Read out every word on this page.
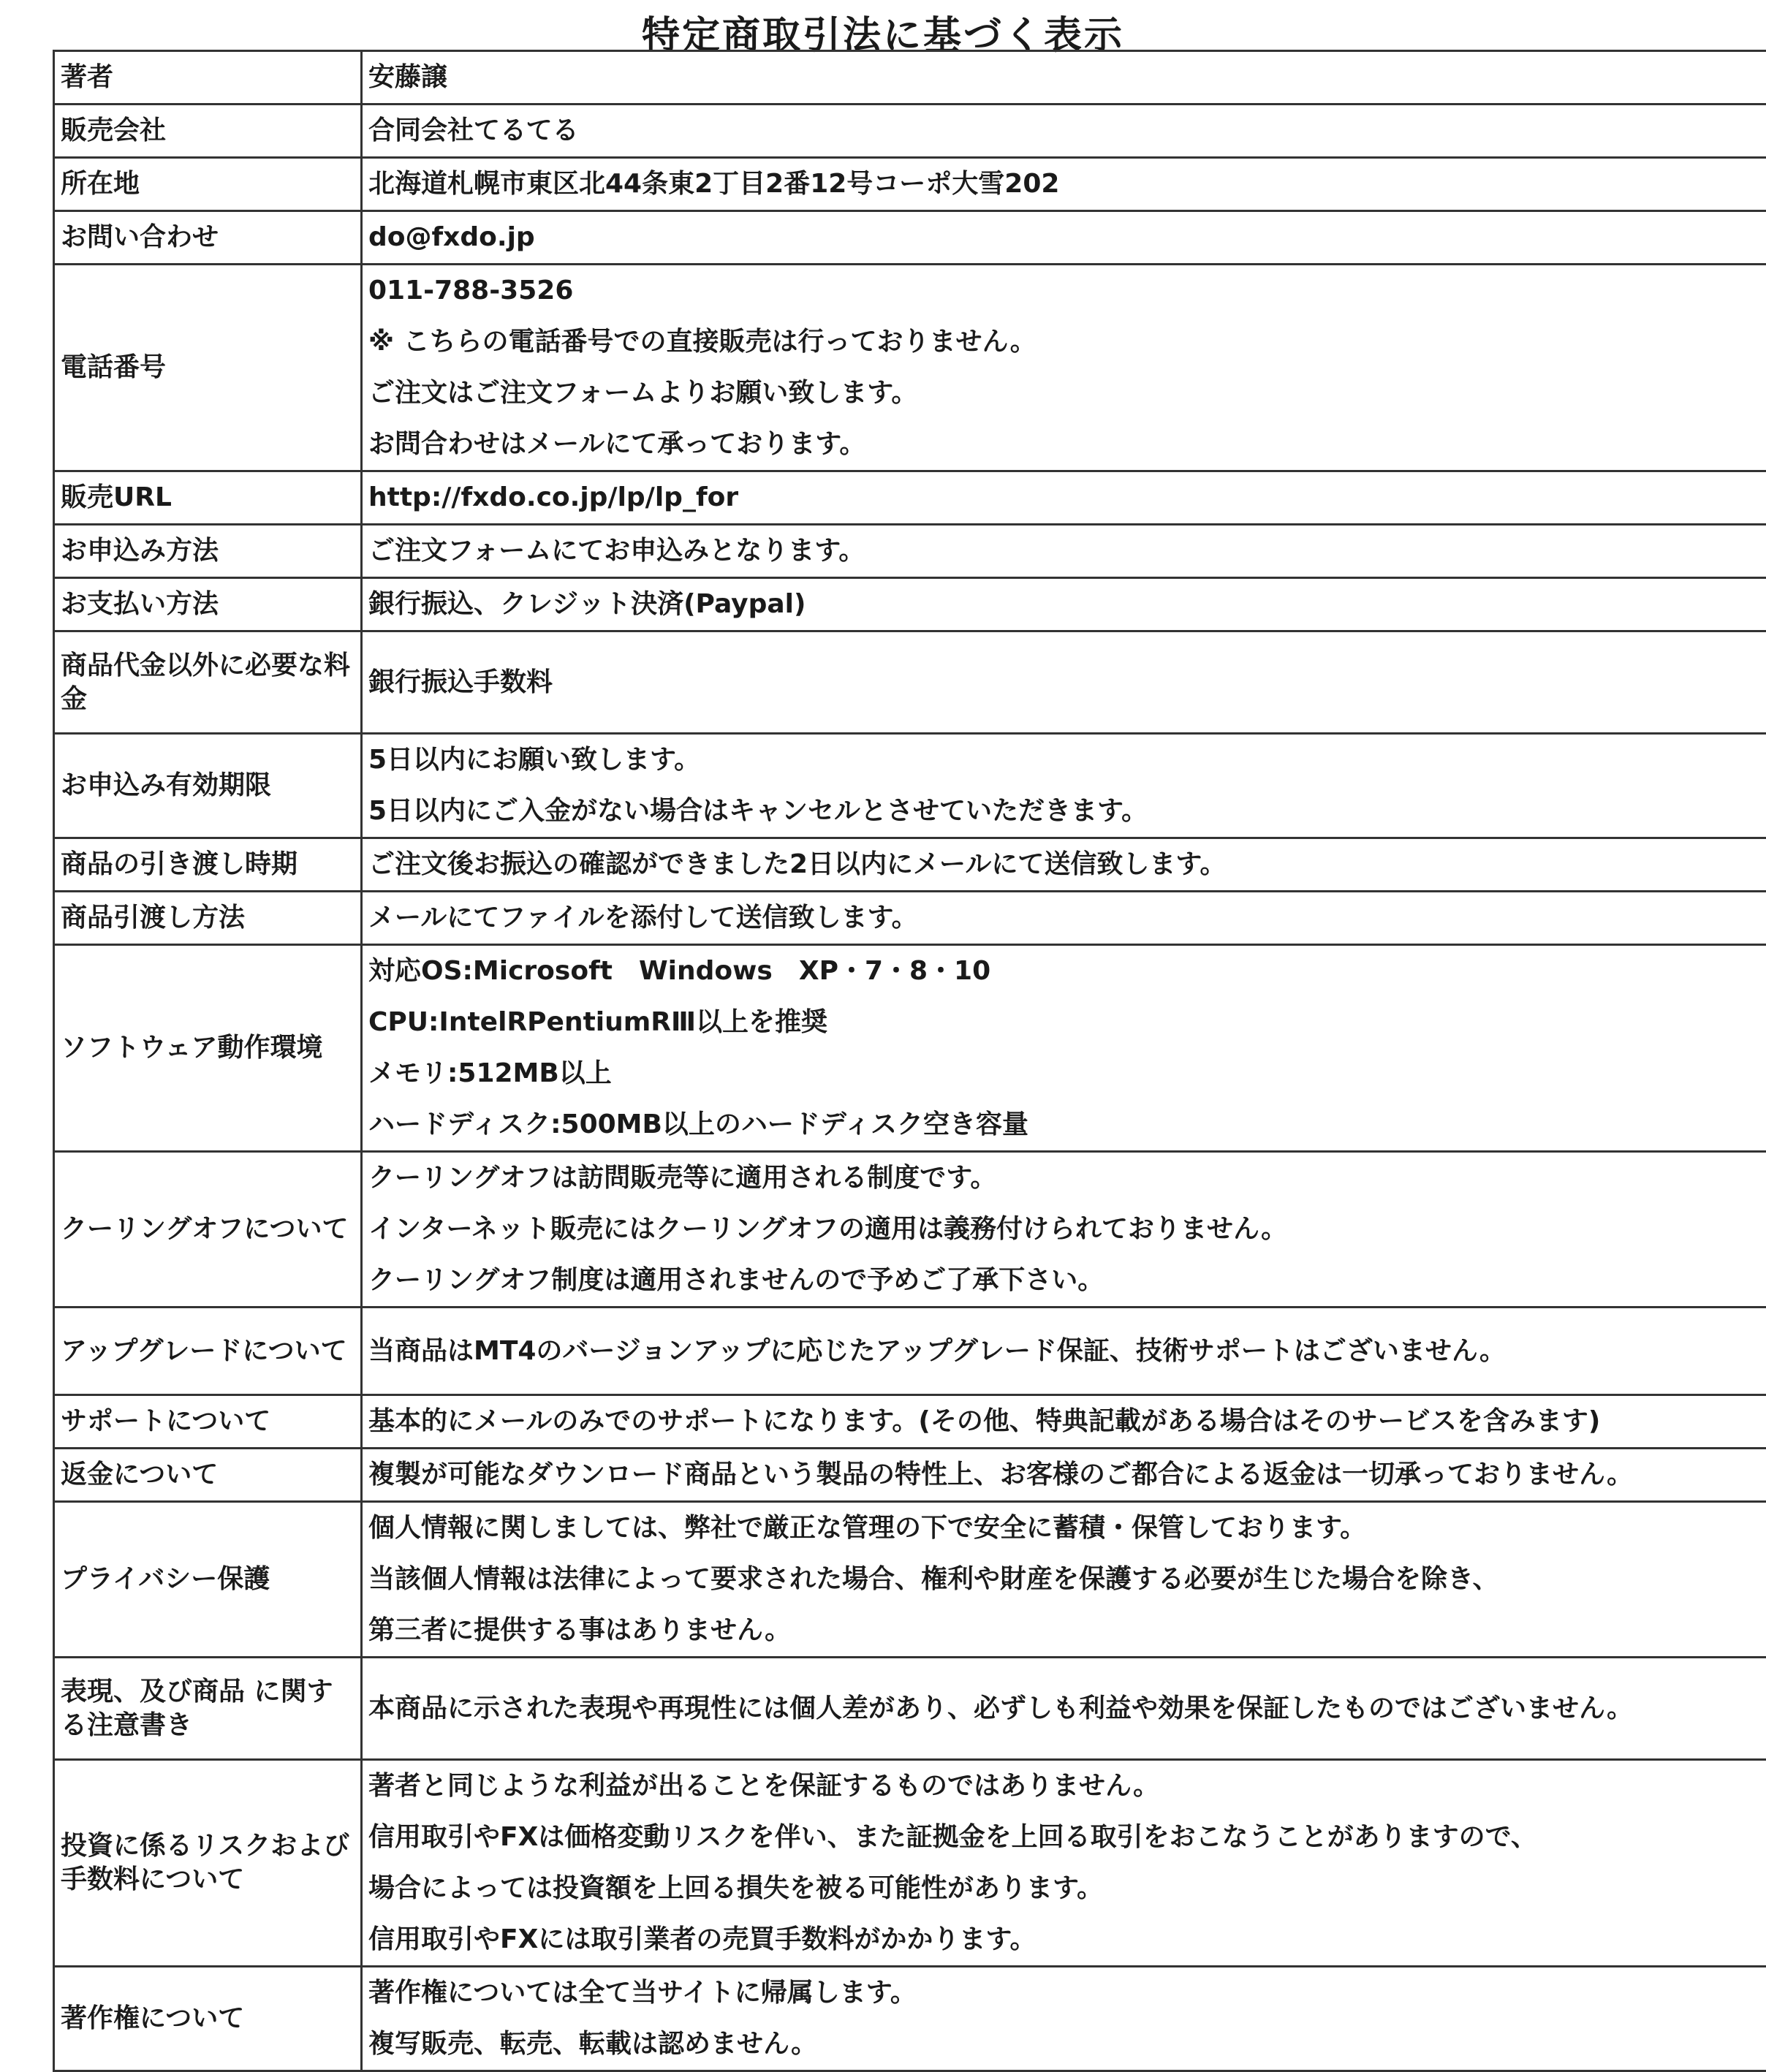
特定商取引法に基づく表示
著者	安藤譲

販売会社	合同会社てるてる

所在地	北海道札幌市東区北44条東2丁目2番12号コーポ大雪202

お問い合わせ	do@fxdo.jp

電話番号	011-788-3526
※ こちらの電話番号での直接販売は行っておりません。
ご注文はご注文フォームよりお願い致します。
お問合わせはメールにて承っております。

販売URL	http://fxdo.co.jp/lp/lp_for

お申込み方法	ご注文フォームにてお申込みとなります。

お支払い方法	銀行振込、クレジット決済(Paypal)

商品代金以外に必要な料金	銀行振込手数料

お申込み有効期限	5日以内にお願い致します。
5日以内にご入金がない場合はキャンセルとさせていただきます。

商品の引き渡し時期	ご注文後お振込の確認ができました2日以内にメールにて送信致します。

商品引渡し方法	メールにてファイルを添付して送信致します。

ソフトウェア動作環境	対応OS:Microsoft　Windows　XP・7・8・10
CPU:IntelRPentiumRⅢ以上を推奨
メモリ:512MB以上
ハードディスク:500MB以上のハードディスク空き容量

クーリングオフについて	クーリングオフは訪問販売等に適用される制度です。
インターネット販売にはクーリングオフの適用は義務付けられておりません。
クーリングオフ制度は適用されませんので予めご了承下さい。

アップグレードについて	当商品はMT4のバージョンアップに応じたアップグレード保証、技術サポートはございません。

サポートについて	基本的にメールのみでのサポートになります。(その他、特典記載がある場合はそのサービスを含みます)

返金について	複製が可能なダウンロード商品という製品の特性上、お客様のご都合による返金は一切承っておりません。

プライバシー保護	個人情報に関しましては、弊社で厳正な管理の下で安全に蓄積・保管しております。
当該個人情報は法律によって要求された場合、権利や財産を保護する必要が生じた場合を除き、
第三者に提供する事はありません。

表現、及び商品 に関する注意書き	本商品に示された表現や再現性には個人差があり、必ずしも利益や効果を保証したものではございません。

投資に係るリスクおよび手数料について	著者と同じような利益が出ることを保証するものではありません。
信用取引やFXは価格変動リスクを伴い、また証拠金を上回る取引をおこなうことがありますので、
場合によっては投資額を上回る損失を被る可能性があります。
信用取引やFXには取引業者の売買手数料がかかります。

著作権について	著作権については全て当サイトに帰属します。
複写販売、転売、転載は認めません。
